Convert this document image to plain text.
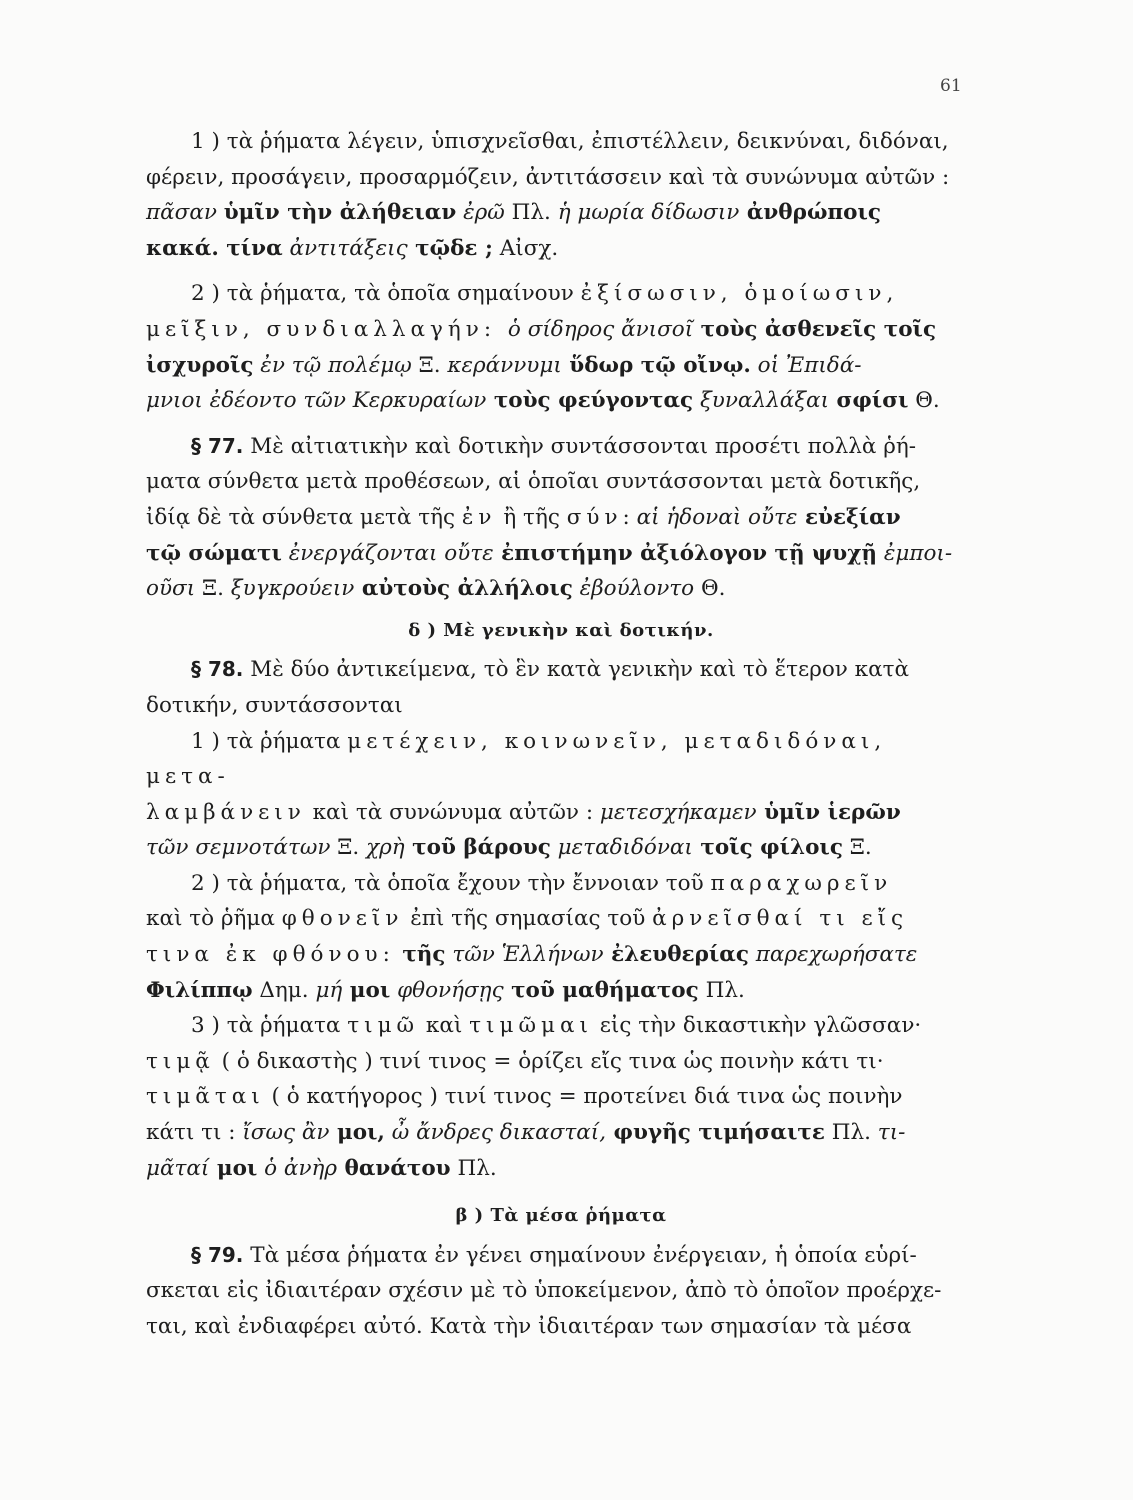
61

1 ) τὰ ῥήματα λέγειν, ὑπισχνεῖσθαι, ἐπιστέλλειν, δεικνύναι, διδόναι,

φέρειν, προσάγειν, προσαρμόζειν, ἀντιτάσσειν καὶ τὰ συνώνυμα αὐτῶν :

πᾶσαν ὑμῖν τὴν ἀλήθειαν ἐρῶ Πλ. ἡ μωρία δίδωσιν ἀνθρώποις

κακά. τίνα ἀντιτάξεις τῷδε ; Αἰσχ.

2 ) τὰ ῥήματα, τὰ ὁποῖα σημαίνουν ἐξίσωσιν, ὁμοίωσιν,

μεῖξιν, συνδιαλλαγήν: ὁ σίδηρος ἄνισοῖ τοὺς ἀσθενεῖς τοῖς

ἰσχυροῖς ἐν τῷ πολέμῳ Ξ. κεράννυμι ὕδωρ τῷ οἴνῳ. οἱ Ἐπιδά-

μνιοι ἐδέοντο τῶν Κερκυραίων τοὺς φεύγοντας ξυναλλάξαι σφίσι Θ.

§ 77. Μὲ αἰτιατικὴν καὶ δοτικὴν συντάσσονται προσέτι πολλὰ ῥή-

ματα σύνθετα μετὰ προθέσεων, αἱ ὁποῖαι συντάσσονται μετὰ δοτικῆς,

ἰδίᾳ δὲ τὰ σύνθετα μετὰ τῆς ἐν ἢ τῆς σύν: αἱ ἡδοναὶ οὔτε εὐεξίαν

τῷ σώματι ἐνεργάζονται οὔτε ἐπιστήμην ἀξιόλογον τῇ ψυχῇ ἐμποι-

οῦσι Ξ. ξυγκρούειν αὐτοὺς ἀλλήλοις ἐβούλοντο Θ.

δ ) Μὲ γενικὴν καὶ δοτικήν.

§ 78. Μὲ δύο ἀντικείμενα, τὸ ἓν κατὰ γενικὴν καὶ τὸ ἕτερον κατὰ

δοτικήν, συντάσσονται

1 ) τὰ ῥήματα μετέχειν, κοινωνεῖν, μεταδιδόναι, μετα-

λαμβάνειν καὶ τὰ συνώνυμα αὐτῶν : μετεσχήκαμεν ὑμῖν ἱερῶν

τῶν σεμνοτάτων Ξ. χρὴ τοῦ βάρους μεταδιδόναι τοῖς φίλοις Ξ.

2 ) τὰ ῥήματα, τὰ ὁποῖα ἔχουν τὴν ἔννοιαν τοῦ παραχωρεῖν

καὶ τὸ ῥῆμα φθονεῖν ἐπὶ τῆς σημασίας τοῦ ἀρνεῖσθαί τι εἴς

τινα ἐκ φθόνου: τῆς τῶν Ἑλλήνων ἐλευθερίας παρεχωρήσατε

Φιλίππῳ Δημ. μή μοι φθονήσῃς τοῦ μαθήματος Πλ.

3 ) τὰ ῥήματα τιμῶ καὶ τιμῶμαι εἰς τὴν δικαστικὴν γλῶσσαν·

τιμᾷ ( ὁ δικαστὴς ) τινί τινος = ὁρίζει εἴς τινα ὡς ποινὴν κάτι τι·

τιμᾶται ( ὁ κατήγορος ) τινί τινος = προτείνει διά τινα ὡς ποινὴν

κάτι τι : ἴσως ἂν μοι, ὦ ἄνδρες δικασταί, φυγῆς τιμήσαιτε Πλ. τι-

μᾶταί μοι ὁ ἀνὴρ θανάτου Πλ.

β ) Τὰ μέσα ῥήματα

§ 79. Τὰ μέσα ῥήματα ἐν γένει σημαίνουν ἐνέργειαν, ἡ ὁποία εὑρί-

σκεται εἰς ἰδιαιτέραν σχέσιν μὲ τὸ ὑποκείμενον, ἀπὸ τὸ ὁποῖον προέρχε-

ται, καὶ ἐνδιαφέρει αὐτό. Κατὰ τὴν ἰδιαιτέραν των σημασίαν τὰ μέσα
